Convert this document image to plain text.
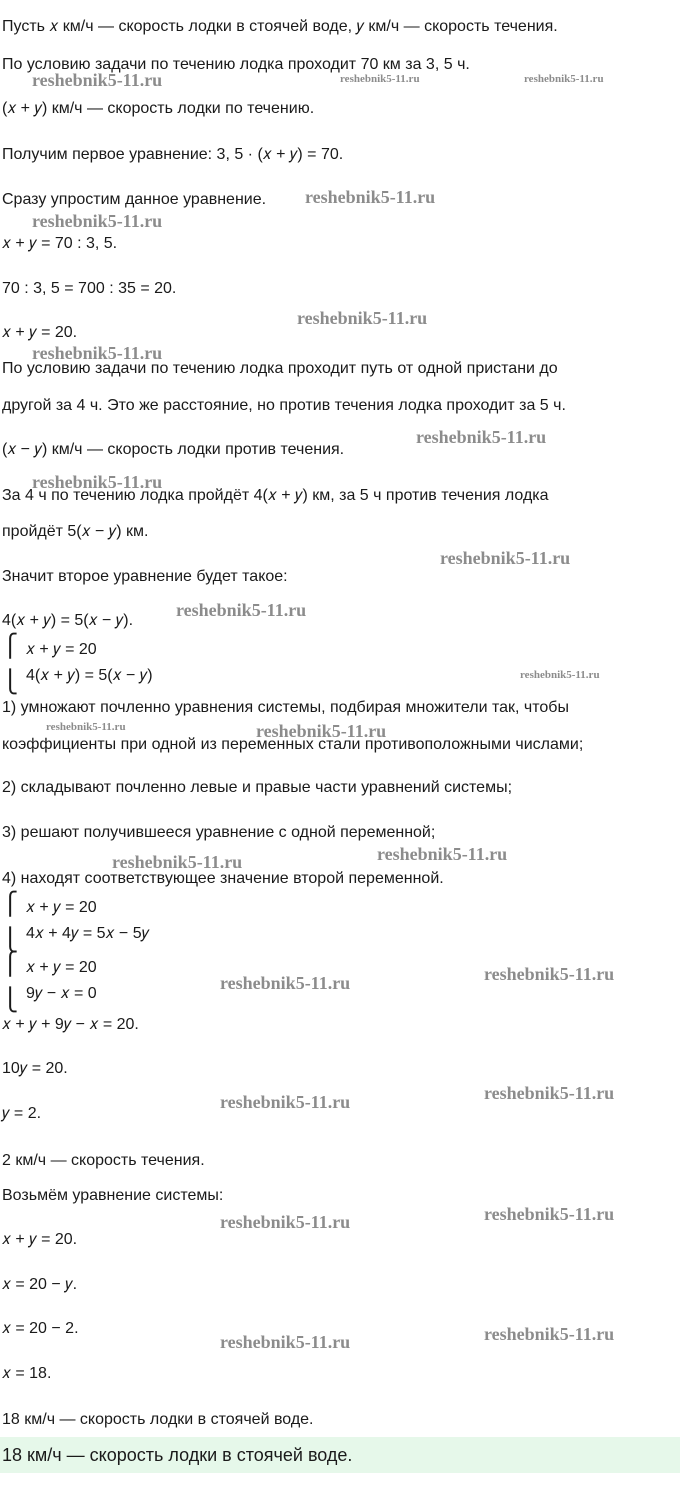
Пусть 𝑥 км/ч — скорость лодки в стоячей воде, 𝑦 км/ч — скорость течения.
По условию задачи по течению лодка проходит 70 км за 3, 5 ч.
(𝑥 + 𝑦) км/ч — скорость лодки по течению.
Получим первое уравнение: 3, 5 · (𝑥 + 𝑦) = 70.
Сразу упростим данное уравнение.
𝑥 + 𝑦 = 70 : 3, 5.
70 : 3, 5 = 700 : 35 = 20.
𝑥 + 𝑦 = 20.
По условию задачи по течению лодка проходит путь от одной пристани до
другой за 4 ч. Это же расстояние, но против течения лодка проходит за 5 ч.
(𝑥 − 𝑦) км/ч — скорость лодки против течения.
За 4 ч по течению лодка пройдёт 4(𝑥 + 𝑦) км, за 5 ч против течения лодка
пройдёт 5(𝑥 − 𝑦) км.
Значит второе уравнение будет такое:
4(𝑥 + 𝑦) = 5(𝑥 − 𝑦).
⎧
⎩
𝑥 + 𝑦 = 20
4(𝑥 + 𝑦) = 5(𝑥 − 𝑦)
1) умножают почленно уравнения системы, подбирая множители так, чтобы
коэффициенты при одной из переменных стали противоположными числами;
2) складывают почленно левые и правые части уравнений системы;
3) решают получившееся уравнение с одной переменной;
4) находят соответствующее значение второй переменной.
⎧
⎩
𝑥 + 𝑦 = 20
4𝑥 + 4𝑦 = 5𝑥 − 5𝑦
⎧
⎩
𝑥 + 𝑦 = 20
9𝑦 − 𝑥 = 0
𝑥 + 𝑦 + 9𝑦 − 𝑥 = 20.
10𝑦 = 20.
𝑦 = 2.
2 км/ч — скорость течения.
Возьмём уравнение системы:
𝑥 + 𝑦 = 20.
𝑥 = 20 − 𝑦.
𝑥 = 20 − 2.
𝑥 = 18.
18 км/ч — скорость лодки в стоячей воде.
18 км/ч — скорость лодки в стоячей воде.
reshebnik5-11.ru	reshebnik5-11.ru	reshebnik5-11.ru
reshebnik5-11.ru
reshebnik5-11.ru
reshebnik5-11.ru
reshebnik5-11.ru
reshebnik5-11.ru
reshebnik5-11.ru
reshebnik5-11.ru
reshebnik5-11.ru
reshebnik5-11.ru
reshebnik5-11.ru	reshebnik5-11.ru
reshebnik5-11.ru
reshebnik5-11.ru
reshebnik5-11.ru	reshebnik5-11.ru
reshebnik5-11.ru
reshebnik5-11.ru
reshebnik5-11.ru
reshebnik5-11.ru
reshebnik5-11.ru	reshebnik5-11.ru
